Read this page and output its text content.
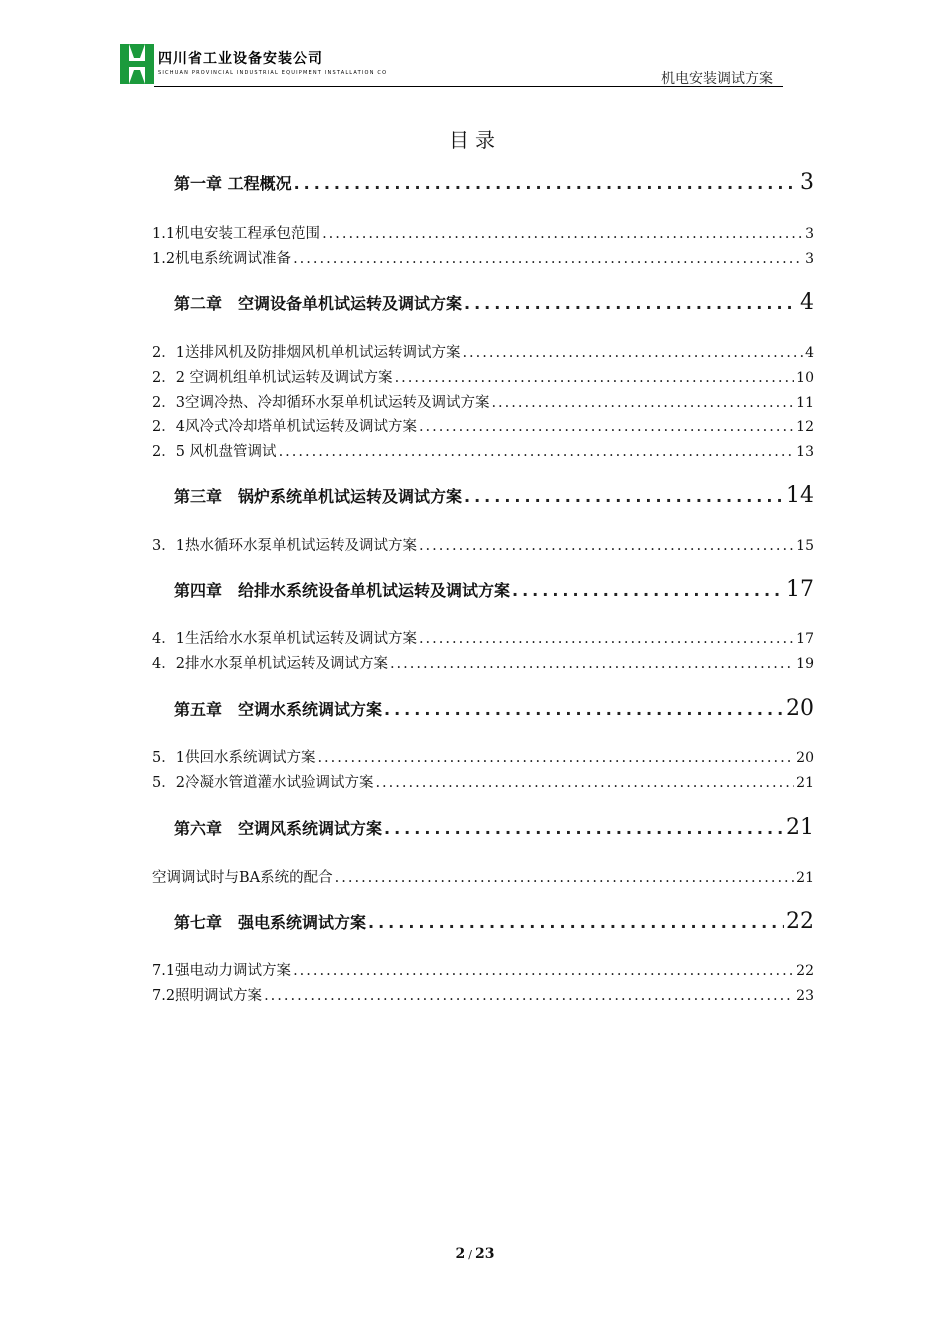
四川省工业设备安装公司
SICHUAN PROVINCIAL INDUSTRIAL EQUIPMENT INSTALLATION CO	机电安装调试方案
目录
第一章 工程概况 .....	3
1.1机电安装工程承包范围 .....	3
1.2机电系统调试准备 .....	3
第二章　空调设备单机试运转及调试方案 .....	4
2．1送排风机及防排烟风机单机试运转调试方案 .....	4
2．2 空调机组单机试运转及调试方案 .....	10
2．3空调冷热、冷却循环水泵单机试运转及调试方案 .....	11
2．4风冷式冷却塔单机试运转及调试方案 .....	12
2．5 风机盘管调试 .....	13
第三章　锅炉系统单机试运转及调试方案 .....	14
3．1热水循环水泵单机试运转及调试方案 .....	15
第四章　给排水系统设备单机试运转及调试方案 .....	17
4．1生活给水水泵单机试运转及调试方案 .....	17
4．2排水水泵单机试运转及调试方案 .....	19
第五章　空调水系统调试方案 .....	20
5．1供回水系统调试方案 .....	20
5．2冷凝水管道灌水试验调试方案 .....	21
第六章　空调风系统调试方案 .....	21
空调调试时与BA系统的配合 .....	21
第七章　强电系统调试方案 .....	22
7.1强电动力调试方案 .....	22
7.2照明调试方案 .....	23
2 / 23
